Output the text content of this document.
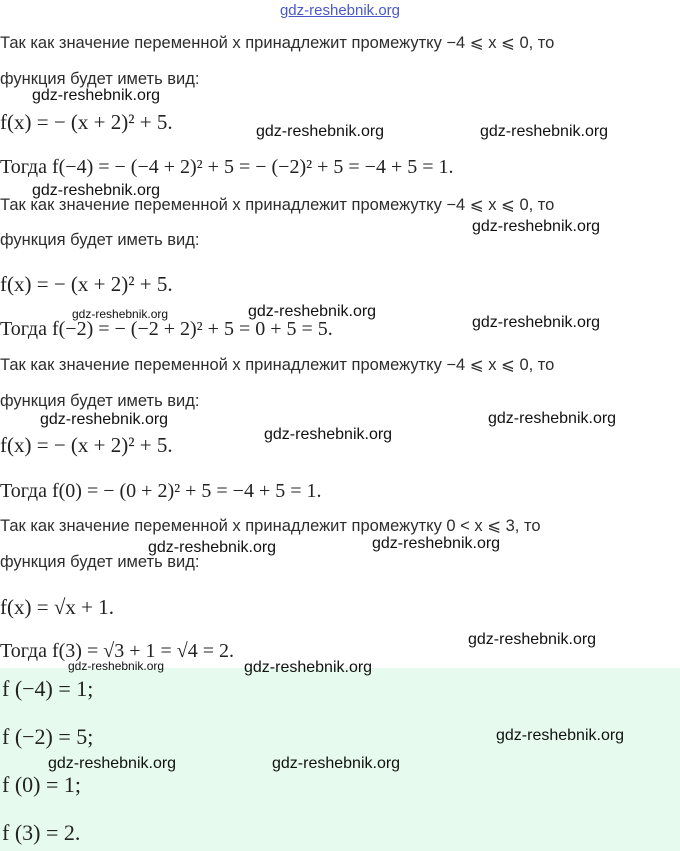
gdz-reshebnik.org
Так как значение переменной x принадлежит промежутку −4 ⩽ x ⩽ 0, то
функция будет иметь вид:
f(x) = − (x + 2)² + 5.
Тогда f(−4) = − (−4 + 2)² + 5 = − (−2)² + 5 = −4 + 5 = 1.
Так как значение переменной x принадлежит промежутку −4 ⩽ x ⩽ 0, то
функция будет иметь вид:
f(x) = − (x + 2)² + 5.
Тогда f(−2) = − (−2 + 2)² + 5 = 0 + 5 = 5.
Так как значение переменной x принадлежит промежутку −4 ⩽ x ⩽ 0, то
функция будет иметь вид:
f(x) = − (x + 2)² + 5.
Тогда f(0) = − (0 + 2)² + 5 = −4 + 5 = 1.
Так как значение переменной x принадлежит промежутку 0 < x ⩽ 3, то
функция будет иметь вид:
f(x) = √x + 1.
Тогда f(3) = √3 + 1 = √4 = 2.
f (−4) = 1;
f (−2) = 5;
f (0) = 1;
f (3) = 2.
gdz-reshebnik.org
gdz-reshebnik.org	gdz-reshebnik.org
gdz-reshebnik.org
gdz-reshebnik.org
gdz-reshebnik.org	gdz-reshebnik.org
gdz-reshebnik.org
gdz-reshebnik.org	gdz-reshebnik.org
gdz-reshebnik.org
gdz-reshebnik.org
gdz-reshebnik.org
gdz-reshebnik.org
gdz-reshebnik.org	gdz-reshebnik.org
gdz-reshebnik.org
gdz-reshebnik.org	gdz-reshebnik.org
